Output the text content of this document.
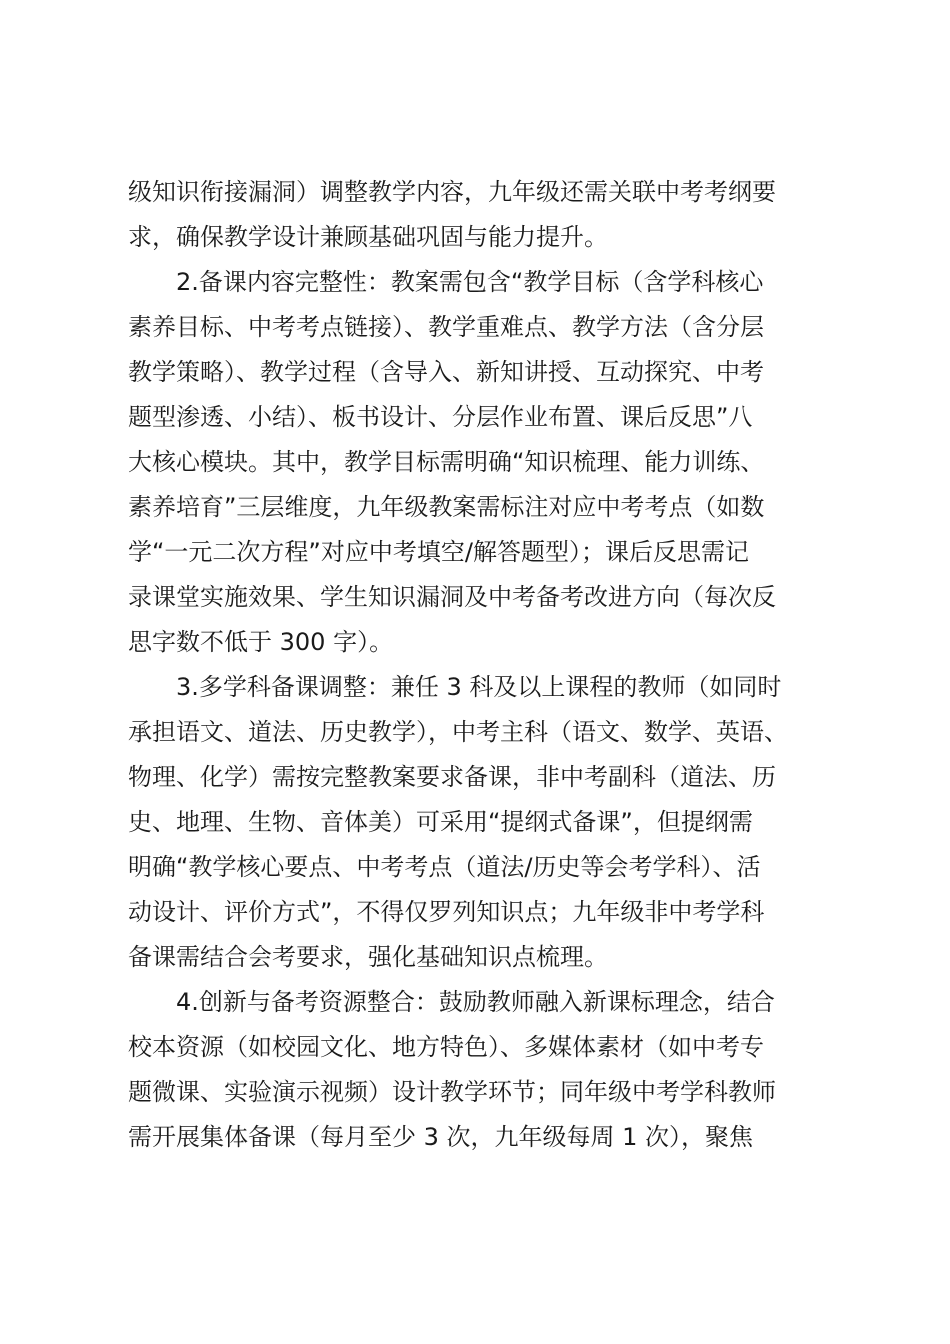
级知识衔接漏洞）调整教学内容，九年级还需关联中考考纲要
求，确保教学设计兼顾基础巩固与能力提升。
2.备课内容完整性：教案需包含“教学目标（含学科核心
素养目标、中考考点链接）、教学重难点、教学方法（含分层
教学策略）、教学过程（含导入、新知讲授、互动探究、中考
题型渗透、小结）、板书设计、分层作业布置、课后反思”八
大核心模块。其中，教学目标需明确“知识梳理、能力训练、
素养培育”三层维度，九年级教案需标注对应中考考点（如数
学“一元二次方程”对应中考填空/解答题型）；课后反思需记
录课堂实施效果、学生知识漏洞及中考备考改进方向（每次反
思字数不低于 300 字）。
3.多学科备课调整：兼任 3 科及以上课程的教师（如同时
承担语文、道法、历史教学），中考主科（语文、数学、英语、
物理、化学）需按完整教案要求备课，非中考副科（道法、历
史、地理、生物、音体美）可采用“提纲式备课”，但提纲需
明确“教学核心要点、中考考点（道法/历史等会考学科）、活
动设计、评价方式”，不得仅罗列知识点；九年级非中考学科
备课需结合会考要求，强化基础知识点梳理。
4.创新与备考资源整合：鼓励教师融入新课标理念，结合
校本资源（如校园文化、地方特色）、多媒体素材（如中考专
题微课、实验演示视频）设计教学环节；同年级中考学科教师
需开展集体备课（每月至少 3 次，九年级每周 1 次），聚焦
